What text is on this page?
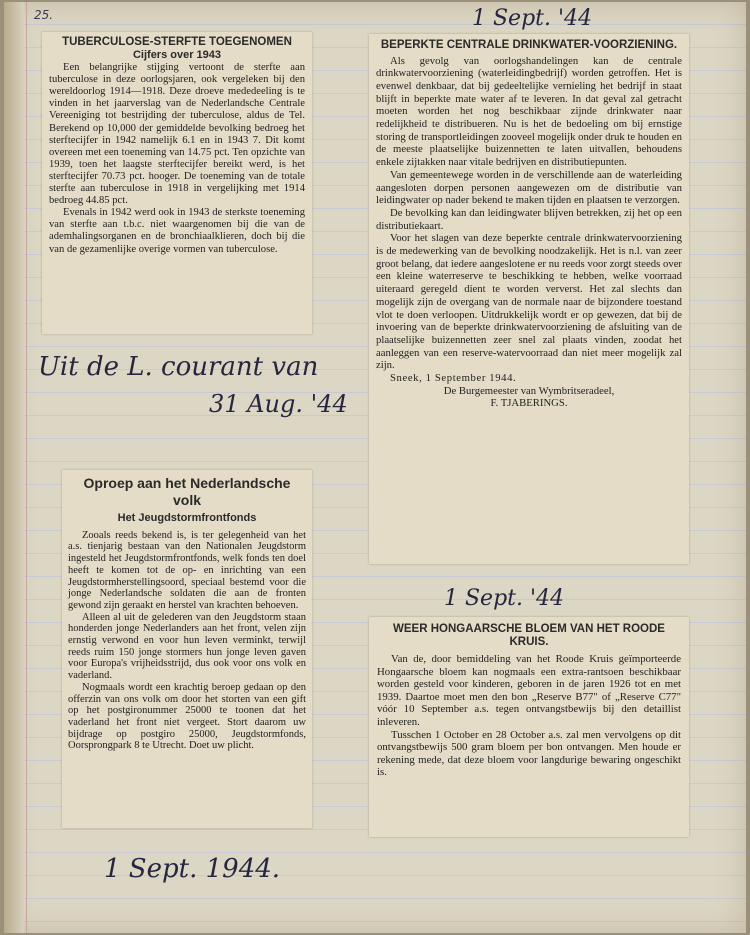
25.
TUBERCULOSE-STERFTE TOEGENOMEN
Cijfers over 1943

Een belangrijke stijging vertoont de sterfte aan tuberculose in deze oorlogsjaren, ook vergeleken bij den wereldoorlog 1914—1918. Deze droeve mededeeling is te vinden in het jaarverslag van de Nederlandsche Centrale Vereeniging tot bestrijding der tuberculose, aldus de Tel. Berekend op 10,000 der gemiddelde bevolking bedroeg het sterftecijfer in 1942 namelijk 6.1 en in 1943 7. Dit komt overeen met een toeneming van 14.75 pct. Ten opzichte van 1939, toen het laagste sterftecijfer bereikt werd, is het sterftecijfer 70.73 pct. hooger. De toeneming van de totale sterfte aan tuberculose in 1918 in vergelijking met 1914 bedroeg 44.85 pct.

Evenals in 1942 werd ook in 1943 de sterkste toeneming van sterfte aan t.b.c. niet waargenomen bij die van de ademhalingsorganen en de bronchiaalklieren, doch bij die van de gezamenlijke overige vormen van tuberculose.

Uit de L. courant van
31 Aug. '44
Oproep aan het Nederlandsche volk
Het Jeugdstormfrontfonds

Zooals reeds bekend is, is ter gelegenheid van het a.s. tienjarig bestaan van den Nationalen Jeugdstorm ingesteld het Jeugdstormfrontfonds, welk fonds ten doel heeft te komen tot de op- en inrichting van een Jeugdstormherstellingsoord, speciaal bestemd voor die jonge Nederlandsche soldaten die aan de fronten gewond zijn geraakt en herstel van krachten behoeven.

Alleen al uit de gelederen van den Jeugdstorm staan honderden jonge Nederlanders aan het front, velen zijn ernstig verwond en voor hun leven verminkt, terwijl reeds ruim 150 jonge stormers hun jonge leven gaven voor Europa's vrijheidsstrijd, dus ook voor ons volk en vaderland.

Nogmaals wordt een krachtig beroep gedaan op den offerzin van ons volk om door het storten van een gift op het postgironummer 25000 te toonen dat het vaderland het front niet vergeet. Stort daarom uw bijdrage op postgiro 25000, Jeugdstormfonds, Oorsprongpark 8 te Utrecht. Doet uw plicht.

1 Sept. 1944.
1 Sept. '44
BEPERKTE CENTRALE DRINKWATER-VOORZIENING.

Als gevolg van oorlogshandelingen kan de centrale drinkwatervoorziening (waterleidingbedrijf) worden getroffen. Het is evenwel denkbaar, dat bij gedeeltelijke vernieling het bedrijf in staat blijft in beperkte mate water af te leveren. In dat geval zal getracht moeten worden het nog beschikbaar zijnde drinkwater naar redelijkheid te distribueren. Nu is het de bedoeling om bij ernstige storing de transportleidingen zooveel mogelijk onder druk te houden en de meeste plaatselijke buizennetten te laten uitvallen, behoudens enkele zijtakken naar vitale bedrijven en distributiepunten.

Van gemeentewege worden in de verschillende aan de waterleiding aangesloten dorpen personen aangewezen om de distributie van leidingwater op nader bekend te maken tijden en plaatsen te verzorgen.

De bevolking kan dan leidingwater blijven betrekken, zij het op een distributiekaart.

Voor het slagen van deze beperkte centrale drinkwatervoorziening is de medewerking van de bevolking noodzakelijk. Het is n.l. van zeer groot belang, dat iedere aangeslotene er nu reeds voor zorgt steeds over een kleine waterreserve te beschikking te hebben, welke voorraad uiteraard geregeld dient te worden ververst. Het zal slechts dan mogelijk zijn de overgang van de normale naar de bijzondere toestand vlot te doen verloopen. Uitdrukkelijk wordt er op gewezen, dat bij de invoering van de beperkte drinkwatervoorziening de afsluiting van de plaatselijke buizennetten zeer snel zal plaats vinden, zoodat het aanleggen van een reserve-watervoorraad dan niet meer mogelijk zal zijn.

Sneek, 1 September 1944.
De Burgemeester van Wymbritseradeel,
F. TJABERINGS.
1 Sept. '44
WEER HONGAARSCHE BLOEM VAN HET ROODE KRUIS.

Van de, door bemiddeling van het Roode Kruis geïmporteerde Hongaarsche bloem kan nogmaals een extra-rantsoen beschikbaar worden gesteld voor kinderen, geboren in de jaren 1926 tot en met 1939. Daartoe moet men den bon „Reserve B77" of „Reserve C77" vóór 10 September a.s. tegen ontvangstbewijs bij den detaillist inleveren.

Tusschen 1 October en 28 October a.s. zal men vervolgens op dit ontvangstbewijs 500 gram bloem per bon ontvangen. Men houde er rekening mede, dat deze bloem voor langdurige bewaring ongeschikt is.
